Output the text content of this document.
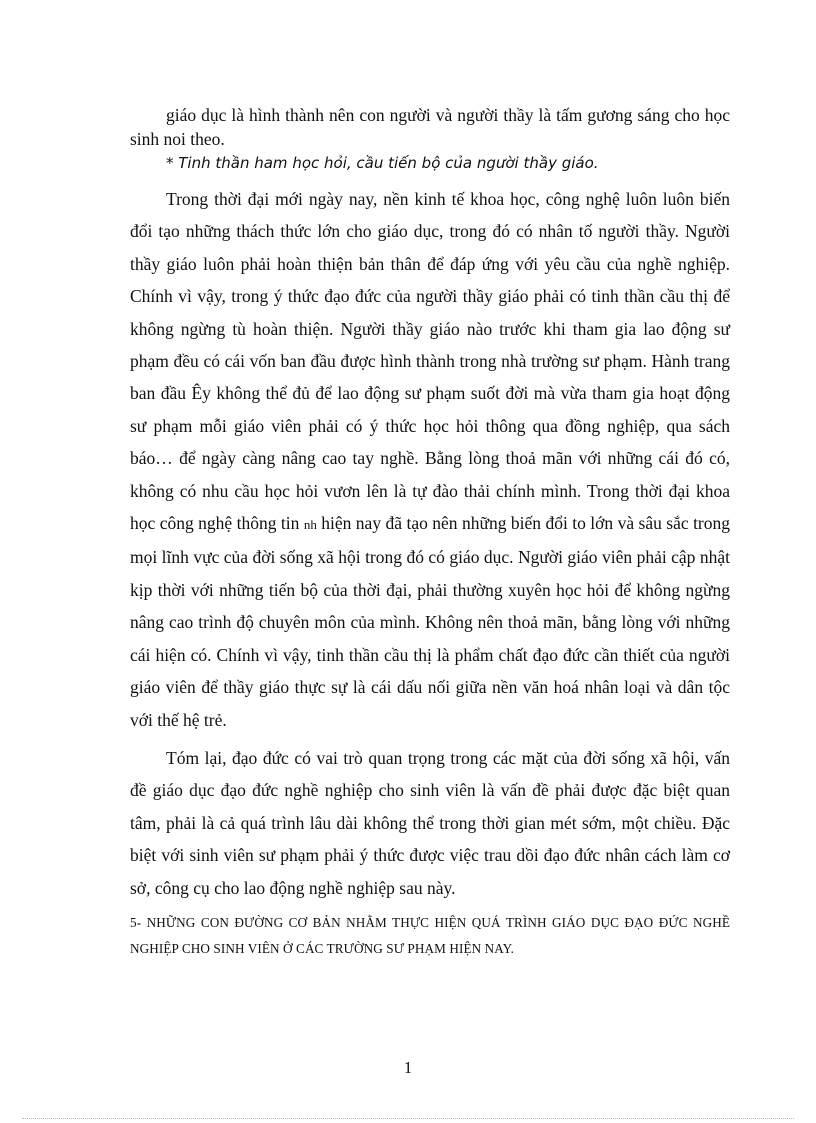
giáo dục là hình thành nên con người và người thầy là tấm gương sáng cho học sinh noi theo.

* Tinh thần ham học hỏi, cầu tiến bộ của người thầy giáo.

Trong thời đại mới ngày nay, nền kinh tế khoa học, công nghệ luôn luôn biến đổi tạo những thách thức lớn cho giáo dục, trong đó có nhân tố người thầy. Người thầy giáo luôn phải hoàn thiện bản thân để đáp ứng với yêu cầu của nghề nghiệp. Chính vì vậy, trong ý thức đạo đức của người thầy giáo phải có tinh thần cầu thị để không ngừng tù hoàn thiện. Người thầy giáo nào trước khi tham gia lao động sư phạm đều có cái vốn ban đầu được hình thành trong nhà trường sư phạm. Hành trang ban đầu Êy không thể đủ để lao động sư phạm suốt đời mà vừa tham gia hoạt động sư phạm mỗi giáo viên phải có ý thức học hỏi thông qua đồng nghiệp, qua sách báo… để ngày càng nâng cao tay nghề. Bằng lòng thoả mãn với những cái đó có, không có nhu cầu học hỏi vươn lên là tự đào thải chính mình. Trong thời đại khoa học công nghệ thông tin nh hiện nay đã tạo nên những biến đổi to lớn và sâu sắc trong mọi lĩnh vực của đời sống xã hội trong đó có giáo dục. Người giáo viên phải cập nhật kịp thời với những tiến bộ của thời đại, phải thường xuyên học hỏi để không ngừng nâng cao trình độ chuyên môn của mình. Không nên thoả mãn, bằng lòng với những cái hiện có. Chính vì vậy, tinh thần cầu thị là phẩm chất đạo đức cần thiết của người giáo viên để thầy giáo thực sự là cái dấu nối giữa nền văn hoá nhân loại và dân tộc với thế hệ trẻ.

Tóm lại, đạo đức có vai trò quan trọng trong các mặt của đời sống xã hội, vấn đề giáo dục đạo đức nghề nghiệp cho sinh viên là vấn đề phải được đặc biệt quan tâm, phải là cả quá trình lâu dài không thể trong thời gian mét sớm, một chiều. Đặc biệt với sinh viên sư phạm phải ý thức được việc trau dồi đạo đức nhân cách làm cơ sở, công cụ cho lao động nghề nghiệp sau này.

5- NHỮNG CON ĐƯỜNG CƠ BẢN NHẰM THỰC HIỆN QUÁ TRÌNH GIÁO DỤC ĐẠO ĐỨC NGHỀ NGHIỆP CHO SINH VIÊN Ở CÁC TRƯỜNG SƯ PHẠM HIỆN NAY.

1
